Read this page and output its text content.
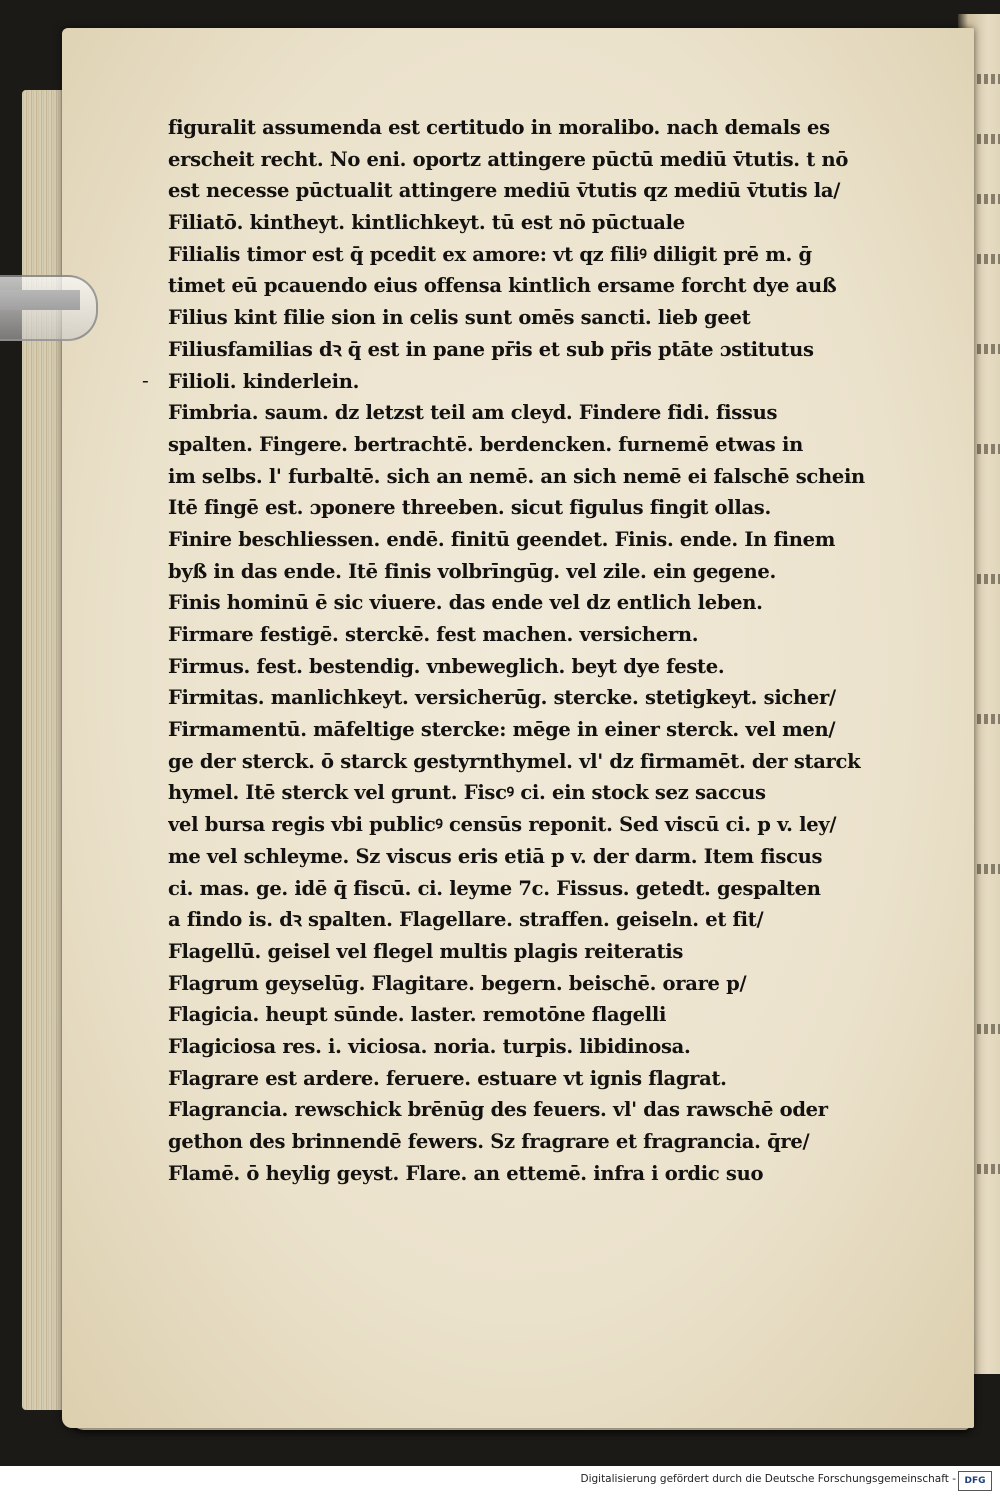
-
figuralit assumenda est certitudo in moralibo. nach demals es
erscheit recht. No eni. oportz attingere pūctū mediū v̄tutis. t nō
est necesse pūctualit attingere mediū v̄tutis qz mediū v̄tutis la/
Filiatō. kintheyt. kintlichkeyt. tū est nō pūctuale
Filialis timor est q̄ pcedit ex amore: vt qz filiꝰ diligit prē m. ḡ
timet eū pcauendo eius offensa kintlich ersame forcht dye auß
Filius kint filie sion in celis sunt omēs sancti. lieb geet
Filiusfamilias dꝛ q̄ est in pane pr̄is et sub pr̄is ptāte ɔstitutus
Filioli. kinderlein.
Fimbria. saum. dz letzst teil am cleyd. Findere fidi. fissus
spalten. Fingere. bertrachtē. berdencken. furnemē etwas in
im selbs. l' furbaltē. sich an nemē. an sich nemē ei falschē schein
Itē fingē est. ɔponere threeben. sicut figulus fingit ollas.
Finire beschliessen. endē. finitū geendet. Finis. ende. In finem
byß in das ende. Itē finis volbrīngūg. vel zile. ein gegene.
Finis hominū ē sic viuere. das ende vel dz entlich leben.
Firmare festigē. sterckē. fest machen. versichern.
Firmus. fest. bestendig. vnbeweglich. beyt dye feste.
Firmitas. manlichkeyt. versicherūg. stercke. stetigkeyt. sicher/
Firmamentū. māfeltige stercke: mēge in einer sterck. vel men/
ge der sterck. ō starck gestyrnthymel. vl' dz firmamēt. der starck
hymel. Itē sterck vel grunt. Fiscꝰ ci. ein stock sez saccus
vel bursa regis vbi publicꝰ censūs reponit. Sed viscū ci. p v. ley/
me vel schleyme. Sz viscus eris etiā p v. der darm. Item fiscus
ci. mas. ge. idē q̄ fiscū. ci. leyme 7c. Fissus. getedt. gespalten
a findo is. dꝛ spalten. Flagellare. straffen. geiseln. et fit/
Flagellū. geisel vel flegel multis plagis reiteratis
Flagrum geyselūg. Flagitare. begern. beischē. orare p/
Flagicia. heupt sūnde. laster. remotōne flagelli
Flagiciosa res. i. viciosa. noria. turpis. libidinosa.
Flagrare est ardere. feruere. estuare vt ignis flagrat.
Flagrancia. rewschick brēnūg des feuers. vl' das rawschē oder
gethon des brinnendē fewers. Sz fragrare et fragrancia. q̄re/
Flamē. ō heylig geyst. Flare. an ettemē. infra i ordic suo
Digitalisierung gefördert durch die Deutsche Forschungsgemeinschaft - DFG
